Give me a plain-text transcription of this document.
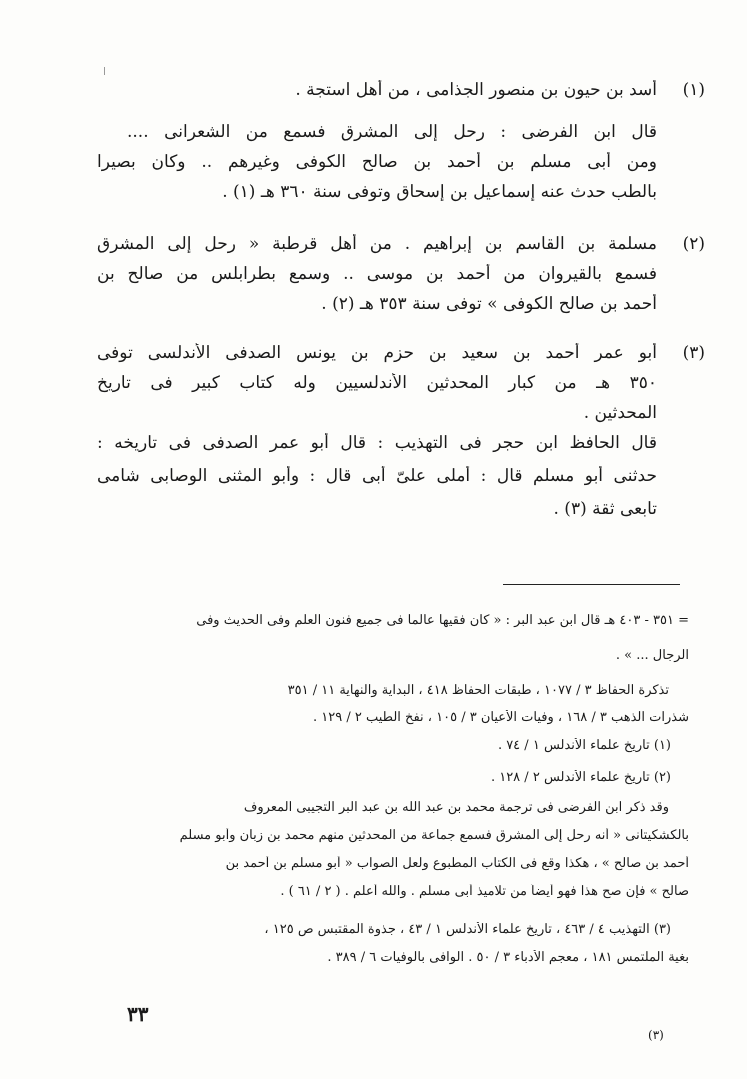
(١)
أسد بن حيون بن منصور الجذامى ، من أهل استجة .
قال ابن الفرضى : رحل إلى المشرق فسمع من الشعرانى ....
ومن أبى مسلم بن أحمد بن صالح الكوفى وغيرهم .. وكان بصيرا
بالطب حدث عنه إسماعيل بن إسحاق وتوفى سنة ٣٦٠ هـ (١) .
(٢)
مسلمة بن القاسم بن إبراهيم . من أهل قرطبة « رحل إلى المشرق
فسمع بالقيروان من أحمد بن موسى .. وسمع بطرابلس من صالح بن
أحمد بن صالح الكوفى » توفى سنة ٣٥٣ هـ (٢) .
(٣)
أبو عمر أحمد بن سعيد بن حزم بن يونس الصدفى الأندلسى توفى
٣٥٠ هـ من كبار المحدثين الأندلسيين وله كتاب كبير فى تاريخ
المحدثين .
قال الحافظ ابن حجر فى التهذيب : قال أبو عمر الصدفى فى تاريخه :
حدثنى أبو مسلم قال : أملى علىّ أبى قال : وأبو المثنى الوصابى شامى
تابعى ثقة (٣) .
= ٣٥١ - ٤٠٣ هـ قال ابن عبد البر : « كان فقيها عالما فى جميع فنون العلم وفى الحديث وفى
الرجال ... » .
تذكرة الحفاظ ٣ / ١٠٧٧ ، طبقات الحفاظ ٤١٨ ، البداية والنهاية ١١ / ٣٥١
شذرات الذهب ٣ / ١٦٨ ، وفيات الأعيان ٣ / ١٠٥ ، نفخ الطيب ٢ / ١٢٩ .
(١) تاريخ علماء الأندلس ١ / ٧٤ .
(٢) تاريخ علماء الأندلس ٢ / ١٢٨ .
وقد ذكر ابن الفرضى فى ترجمة محمد بن عبد الله بن عبد البر التجيبى المعروف
بالكشكيتانى « أنه رحل إلى المشرق فسمع جماعة من المحدثين منهم محمد بن زبان وأبو مسلم
أحمد بن صالح » ، هكذا وقع فى الكتاب المطبوع ولعل الصواب « أبو مسلم بن أحمد بن
صالح » فإن صح هذا فهو أيضاً من تلاميذ أبى مسلم . والله أعلم . ( ٢ / ٦١ ) .
(٣) التهذيب ٤ / ٤٦٣ ، تاريخ علماء الأندلس ١ / ٤٣ ، جذوة المقتبس ص ١٢٥ ،
بغية الملتمس ١٨١ ، معجم الأدباء ٣ / ٥٠ . الوافى بالوفيات ٦ / ٣٨٩ .
٣٣
(٣)
